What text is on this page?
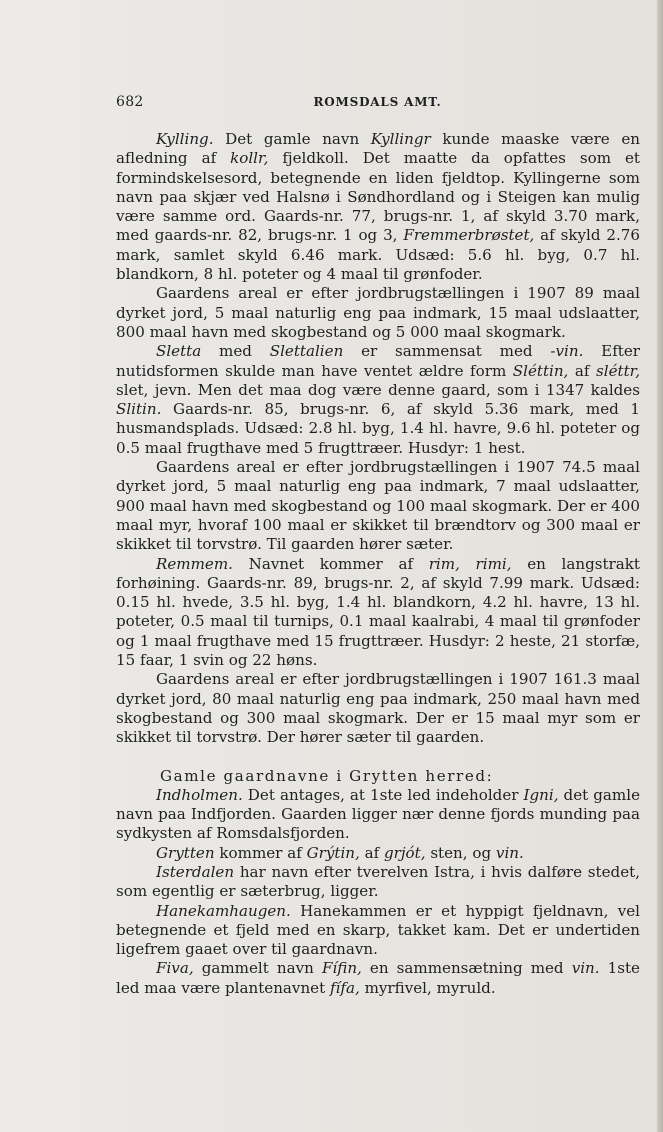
682	ROMSDALS AMT.

Kylling. Det gamle navn Kyllingr kunde maaske være en afledning af kollr, fjeldkoll. Det maatte da opfattes som et formindskelsesord, betegnende en liden fjeldtop. Kyllingerne som navn paa skjær ved Halsnø i Søndhordland og i Steigen kan mulig være samme ord. Gaards-nr. 77, brugs-nr. 1, af skyld 3.70 mark, med gaards-nr. 82, brugs-nr. 1 og 3, Fremmerbrøstet, af skyld 2.76 mark, samlet skyld 6.46 mark. Udsæd: 5.6 hl. byg, 0.7 hl. blandkorn, 8 hl. poteter og 4 maal til grønfoder.

Gaardens areal er efter jordbrugstællingen i 1907 89 maal dyrket jord, 5 maal naturlig eng paa indmark, 15 maal udslaatter, 800 maal havn med skogbestand og 5 000 maal skogmark.

Sletta med Slettalien er sammensat med -vin. Efter nutidsformen skulde man have ventet ældre form Sléttin, af sléttr, slet, jevn. Men det maa dog være denne gaard, som i 1347 kaldes Slitin. Gaards-nr. 85, brugs-nr. 6, af skyld 5.36 mark, med 1 husmandsplads. Udsæd: 2.8 hl. byg, 1.4 hl. havre, 9.6 hl. poteter og 0.5 maal frugthave med 5 frugttræer. Husdyr: 1 hest.

Gaardens areal er efter jordbrugstællingen i 1907 74.5 maal dyrket jord, 5 maal naturlig eng paa indmark, 7 maal udslaatter, 900 maal havn med skogbestand og 100 maal skogmark. Der er 400 maal myr, hvoraf 100 maal er skikket til brændtorv og 300 maal er skikket til torvstrø. Til gaarden hører sæter.

Remmem. Navnet kommer af rim, rimi, en langstrakt forhøining. Gaards-nr. 89, brugs-nr. 2, af skyld 7.99 mark. Udsæd: 0.15 hl. hvede, 3.5 hl. byg, 1.4 hl. blandkorn, 4.2 hl. havre, 13 hl. poteter, 0.5 maal til turnips, 0.1 maal kaalrabi, 4 maal til grønfoder og 1 maal frugthave med 15 frugttræer. Husdyr: 2 heste, 21 storfæ, 15 faar, 1 svin og 22 høns.

Gaardens areal er efter jordbrugstællingen i 1907 161.3 maal dyrket jord, 80 maal naturlig eng paa indmark, 250 maal havn med skogbestand og 300 maal skogmark. Der er 15 maal myr som er skikket til torvstrø. Der hører sæter til gaarden.

Gamle gaardnavne i Grytten herred:

Indholmen. Det antages, at 1ste led indeholder Igni, det gamle navn paa Indfjorden. Gaarden ligger nær denne fjords munding paa sydkysten af Romsdalsfjorden.

Grytten kommer af Grýtin, af grjót, sten, og vin.

Isterdalen har navn efter tverelven Istra, i hvis dalføre stedet, som egentlig er sæterbrug, ligger.

Hanekamhaugen. Hanekammen er et hyppigt fjeldnavn, vel betegnende et fjeld med en skarp, takket kam. Det er undertiden ligefrem gaaet over til gaardnavn.

Fiva, gammelt navn Fífin, en sammensætning med vin. 1ste led maa være plantenavnet fífa, myrfivel, myruld.
